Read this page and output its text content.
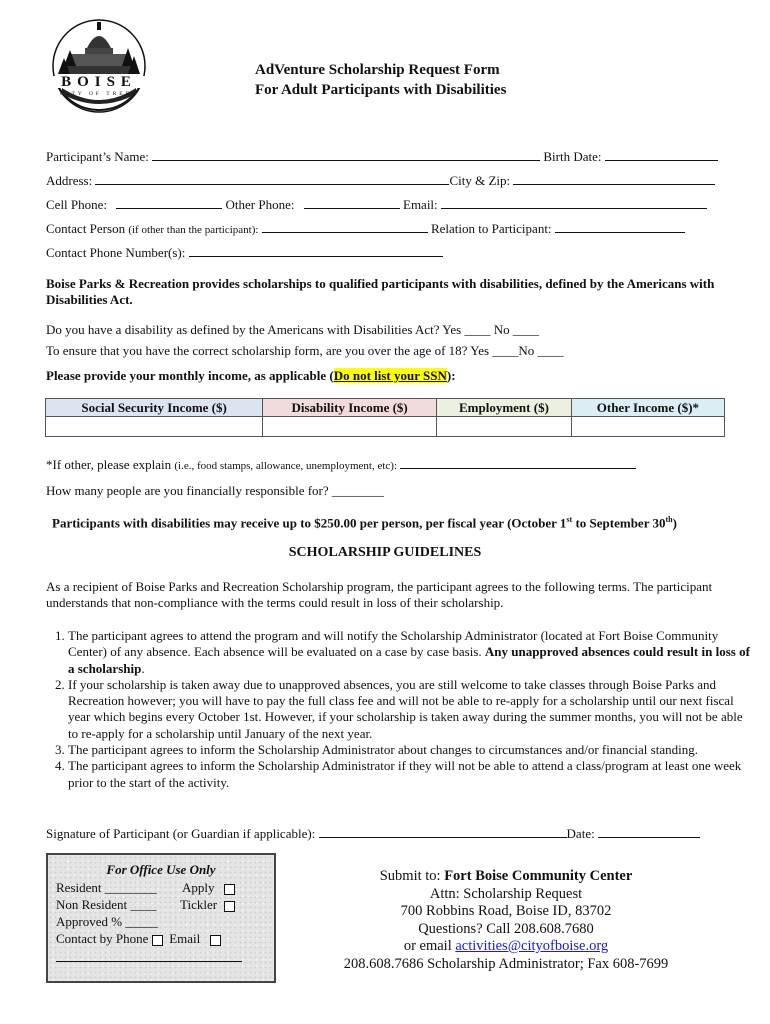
BOISE
CITY OF TREES
AdVenture Scholarship Request Form
For Adult Participants with Disabilities
Participant’s Name:	Birth Date:
Address:	City & Zip:
Cell Phone:	Other Phone:	Email:
Contact Person (if other than the participant):	Relation to Participant:
Contact Phone Number(s):
Boise Parks & Recreation provides scholarships to qualified participants with disabilities, defined by the Americans with Disabilities Act.
Do you have a disability as defined by the Americans with Disabilities Act? Yes ____ No ____
To ensure that you have the correct scholarship form, are you over the age of 18? Yes ____No ____
Please provide your monthly income, as applicable (Do not list your SSN):
Social Security Income ($)	Disability Income ($)	Employment ($)	Other Income ($)*

*If other, please explain (i.e., food stamps, allowance, unemployment, etc):
How many people are you financially responsible for? ________
Participants with disabilities may receive up to $250.00 per person, per fiscal year (October 1st to September 30th)
SCHOLARSHIP GUIDELINES
As a recipient of Boise Parks and Recreation Scholarship program, the participant agrees to the following terms. The participant understands that non-compliance with the terms could result in loss of their scholarship.
1. The participant agrees to attend the program and will notify the Scholarship Administrator (located at Fort Boise Community Center) of any absence. Each absence will be evaluated on a case by case basis. Any unapproved absences could result in loss of a scholarship.
2. If your scholarship is taken away due to unapproved absences, you are still welcome to take classes through Boise Parks and Recreation however; you will have to pay the full class fee and will not be able to re-apply for a scholarship until our next fiscal year which begins every October 1st. However, if your scholarship is taken away during the summer months, you will not be able to re-apply for a scholarship until January of the next year.
3. The participant agrees to inform the Scholarship Administrator about changes to circumstances and/or financial standing.
4. The participant agrees to inform the Scholarship Administrator if they will not be able to attend a class/program at least one week prior to the start of the activity.
Signature of Participant (or Guardian if applicable):	Date:
For Office Use Only
Resident ________ Apply
Non Resident ____ Tickler
Approved % _____
Contact by Phone Email
Submit to: Fort Boise Community Center
Attn: Scholarship Request
700 Robbins Road, Boise ID, 83702
Questions? Call 208.608.7680
or email activities@cityofboise.org
208.608.7686 Scholarship Administrator; Fax 608-7699
